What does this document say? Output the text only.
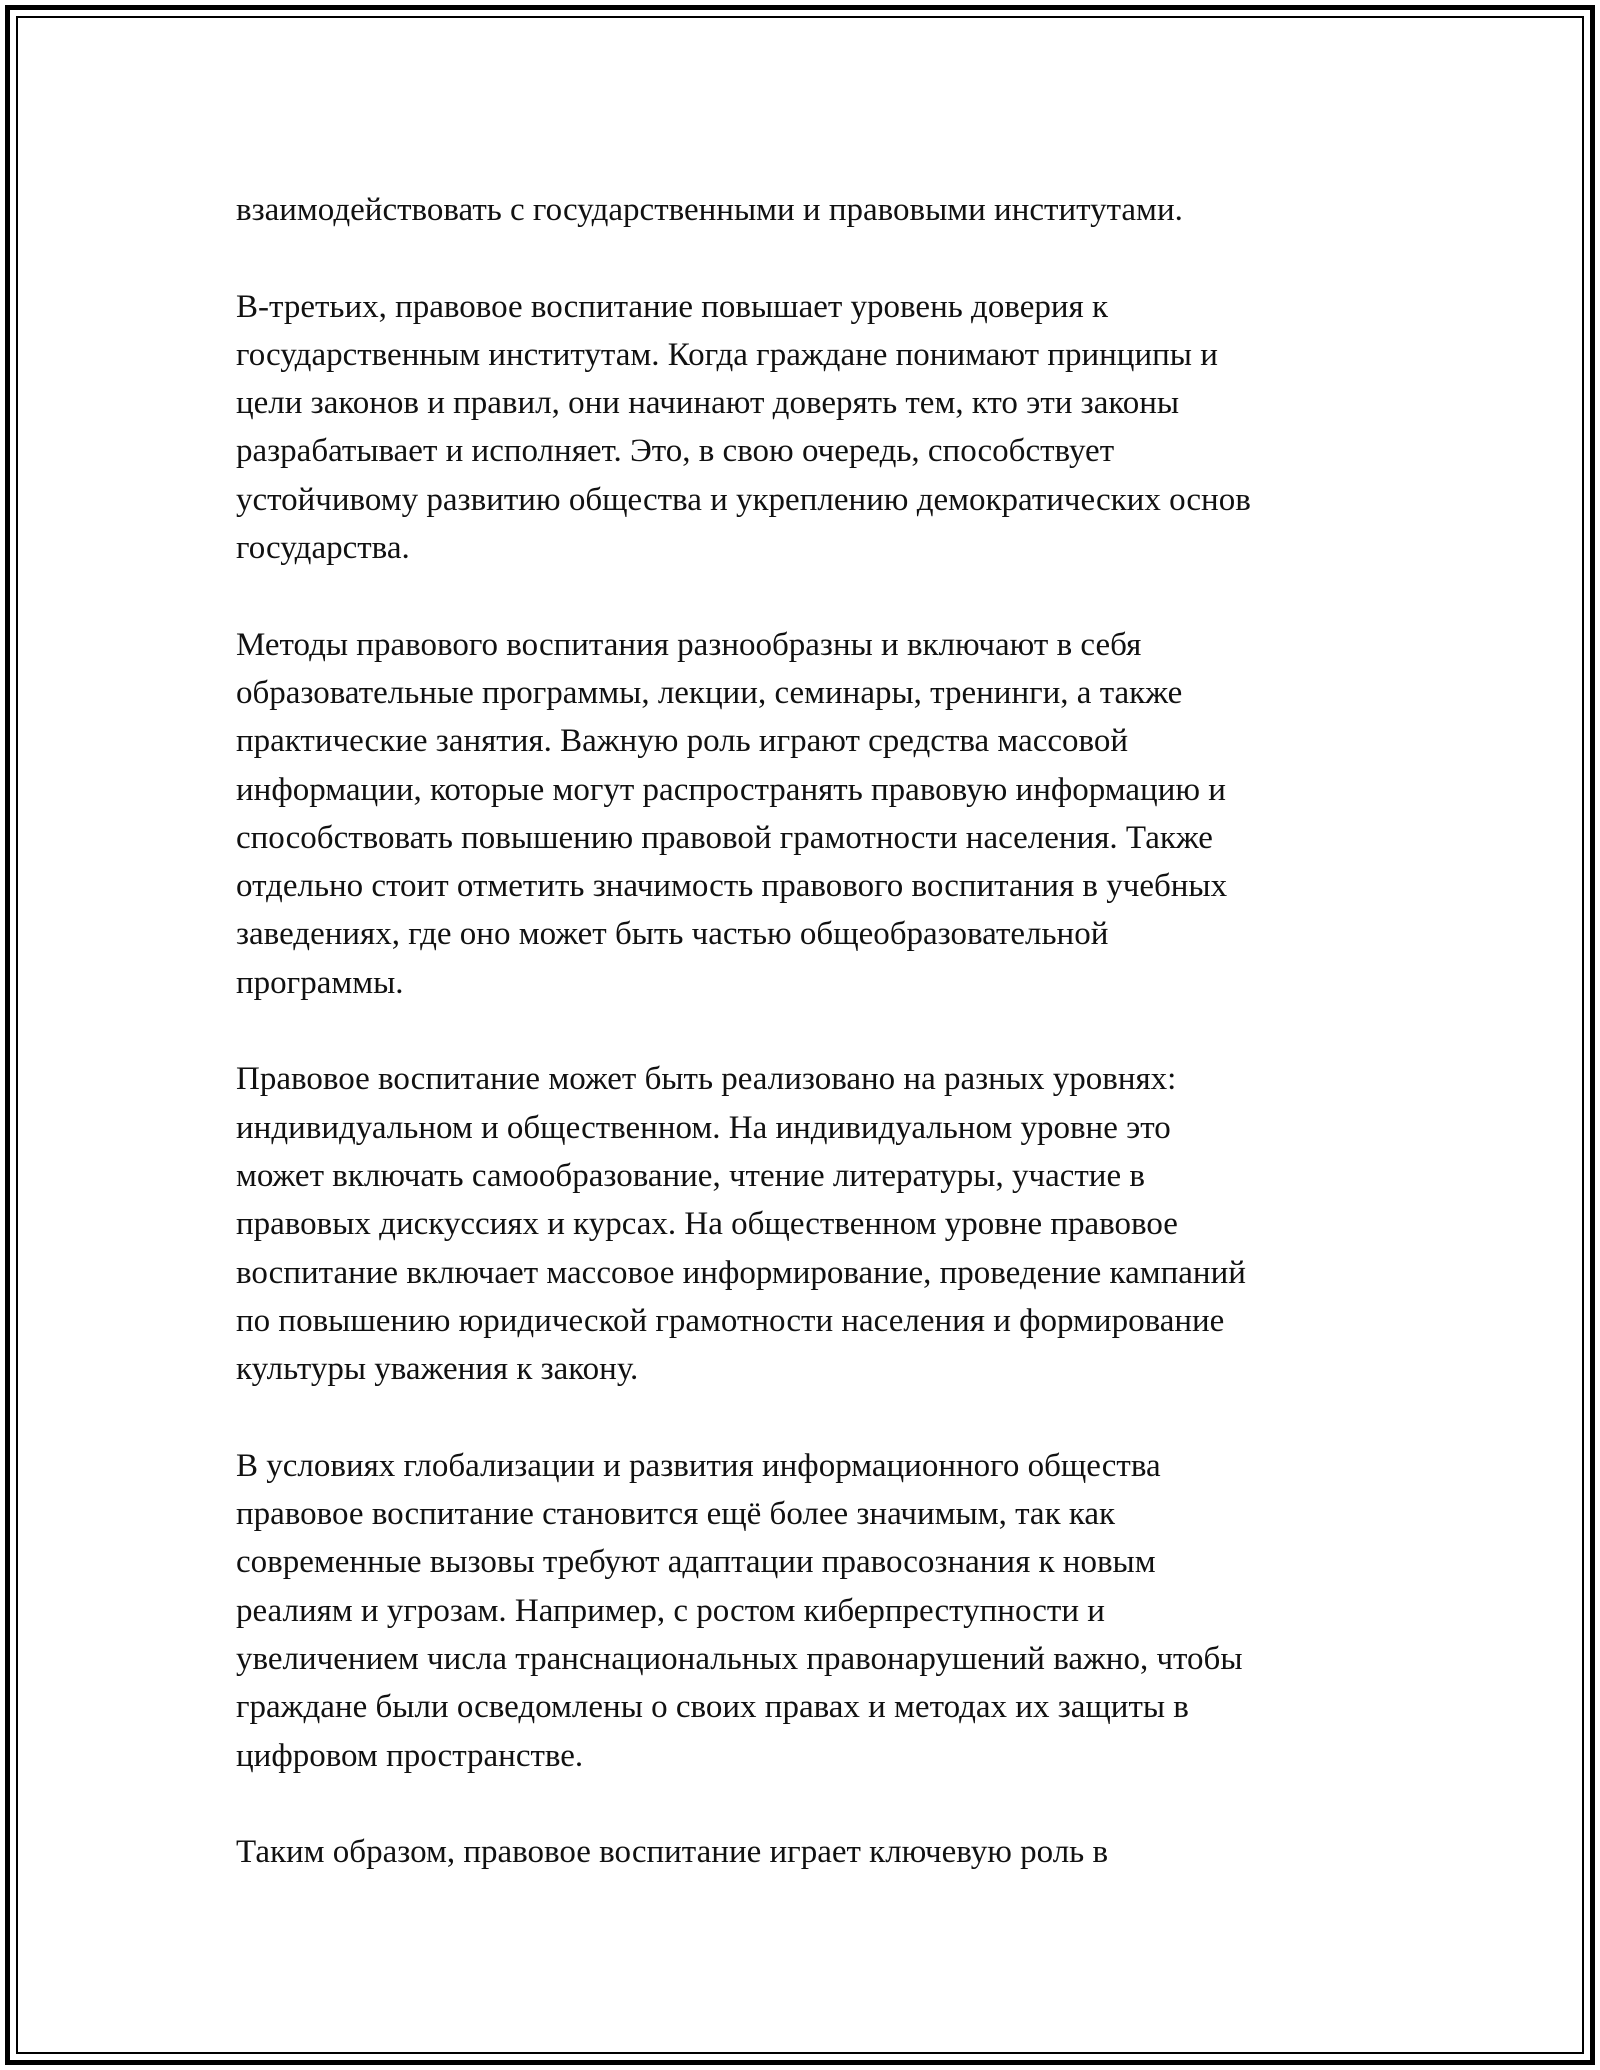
взаимодействовать с государственными и правовыми институтами.

В-третьих, правовое воспитание повышает уровень доверия к
государственным институтам. Когда граждане понимают принципы и
цели законов и правил, они начинают доверять тем, кто эти законы
разрабатывает и исполняет. Это, в свою очередь, способствует
устойчивому развитию общества и укреплению демократических основ
государства.

Методы правового воспитания разнообразны и включают в себя
образовательные программы, лекции, семинары, тренинги, а также
практические занятия. Важную роль играют средства массовой
информации, которые могут распространять правовую информацию и
способствовать повышению правовой грамотности населения. Также
отдельно стоит отметить значимость правового воспитания в учебных
заведениях, где оно может быть частью общеобразовательной
программы.

Правовое воспитание может быть реализовано на разных уровнях:
индивидуальном и общественном. На индивидуальном уровне это
может включать самообразование, чтение литературы, участие в
правовых дискуссиях и курсах. На общественном уровне правовое
воспитание включает массовое информирование, проведение кампаний
по повышению юридической грамотности населения и формирование
культуры уважения к закону.

В условиях глобализации и развития информационного общества
правовое воспитание становится ещё более значимым, так как
современные вызовы требуют адаптации правосознания к новым
реалиям и угрозам. Например, с ростом киберпреступности и
увеличением числа транснациональных правонарушений важно, чтобы
граждане были осведомлены о своих правах и методах их защиты в
цифровом пространстве.

Таким образом, правовое воспитание играет ключевую роль в
